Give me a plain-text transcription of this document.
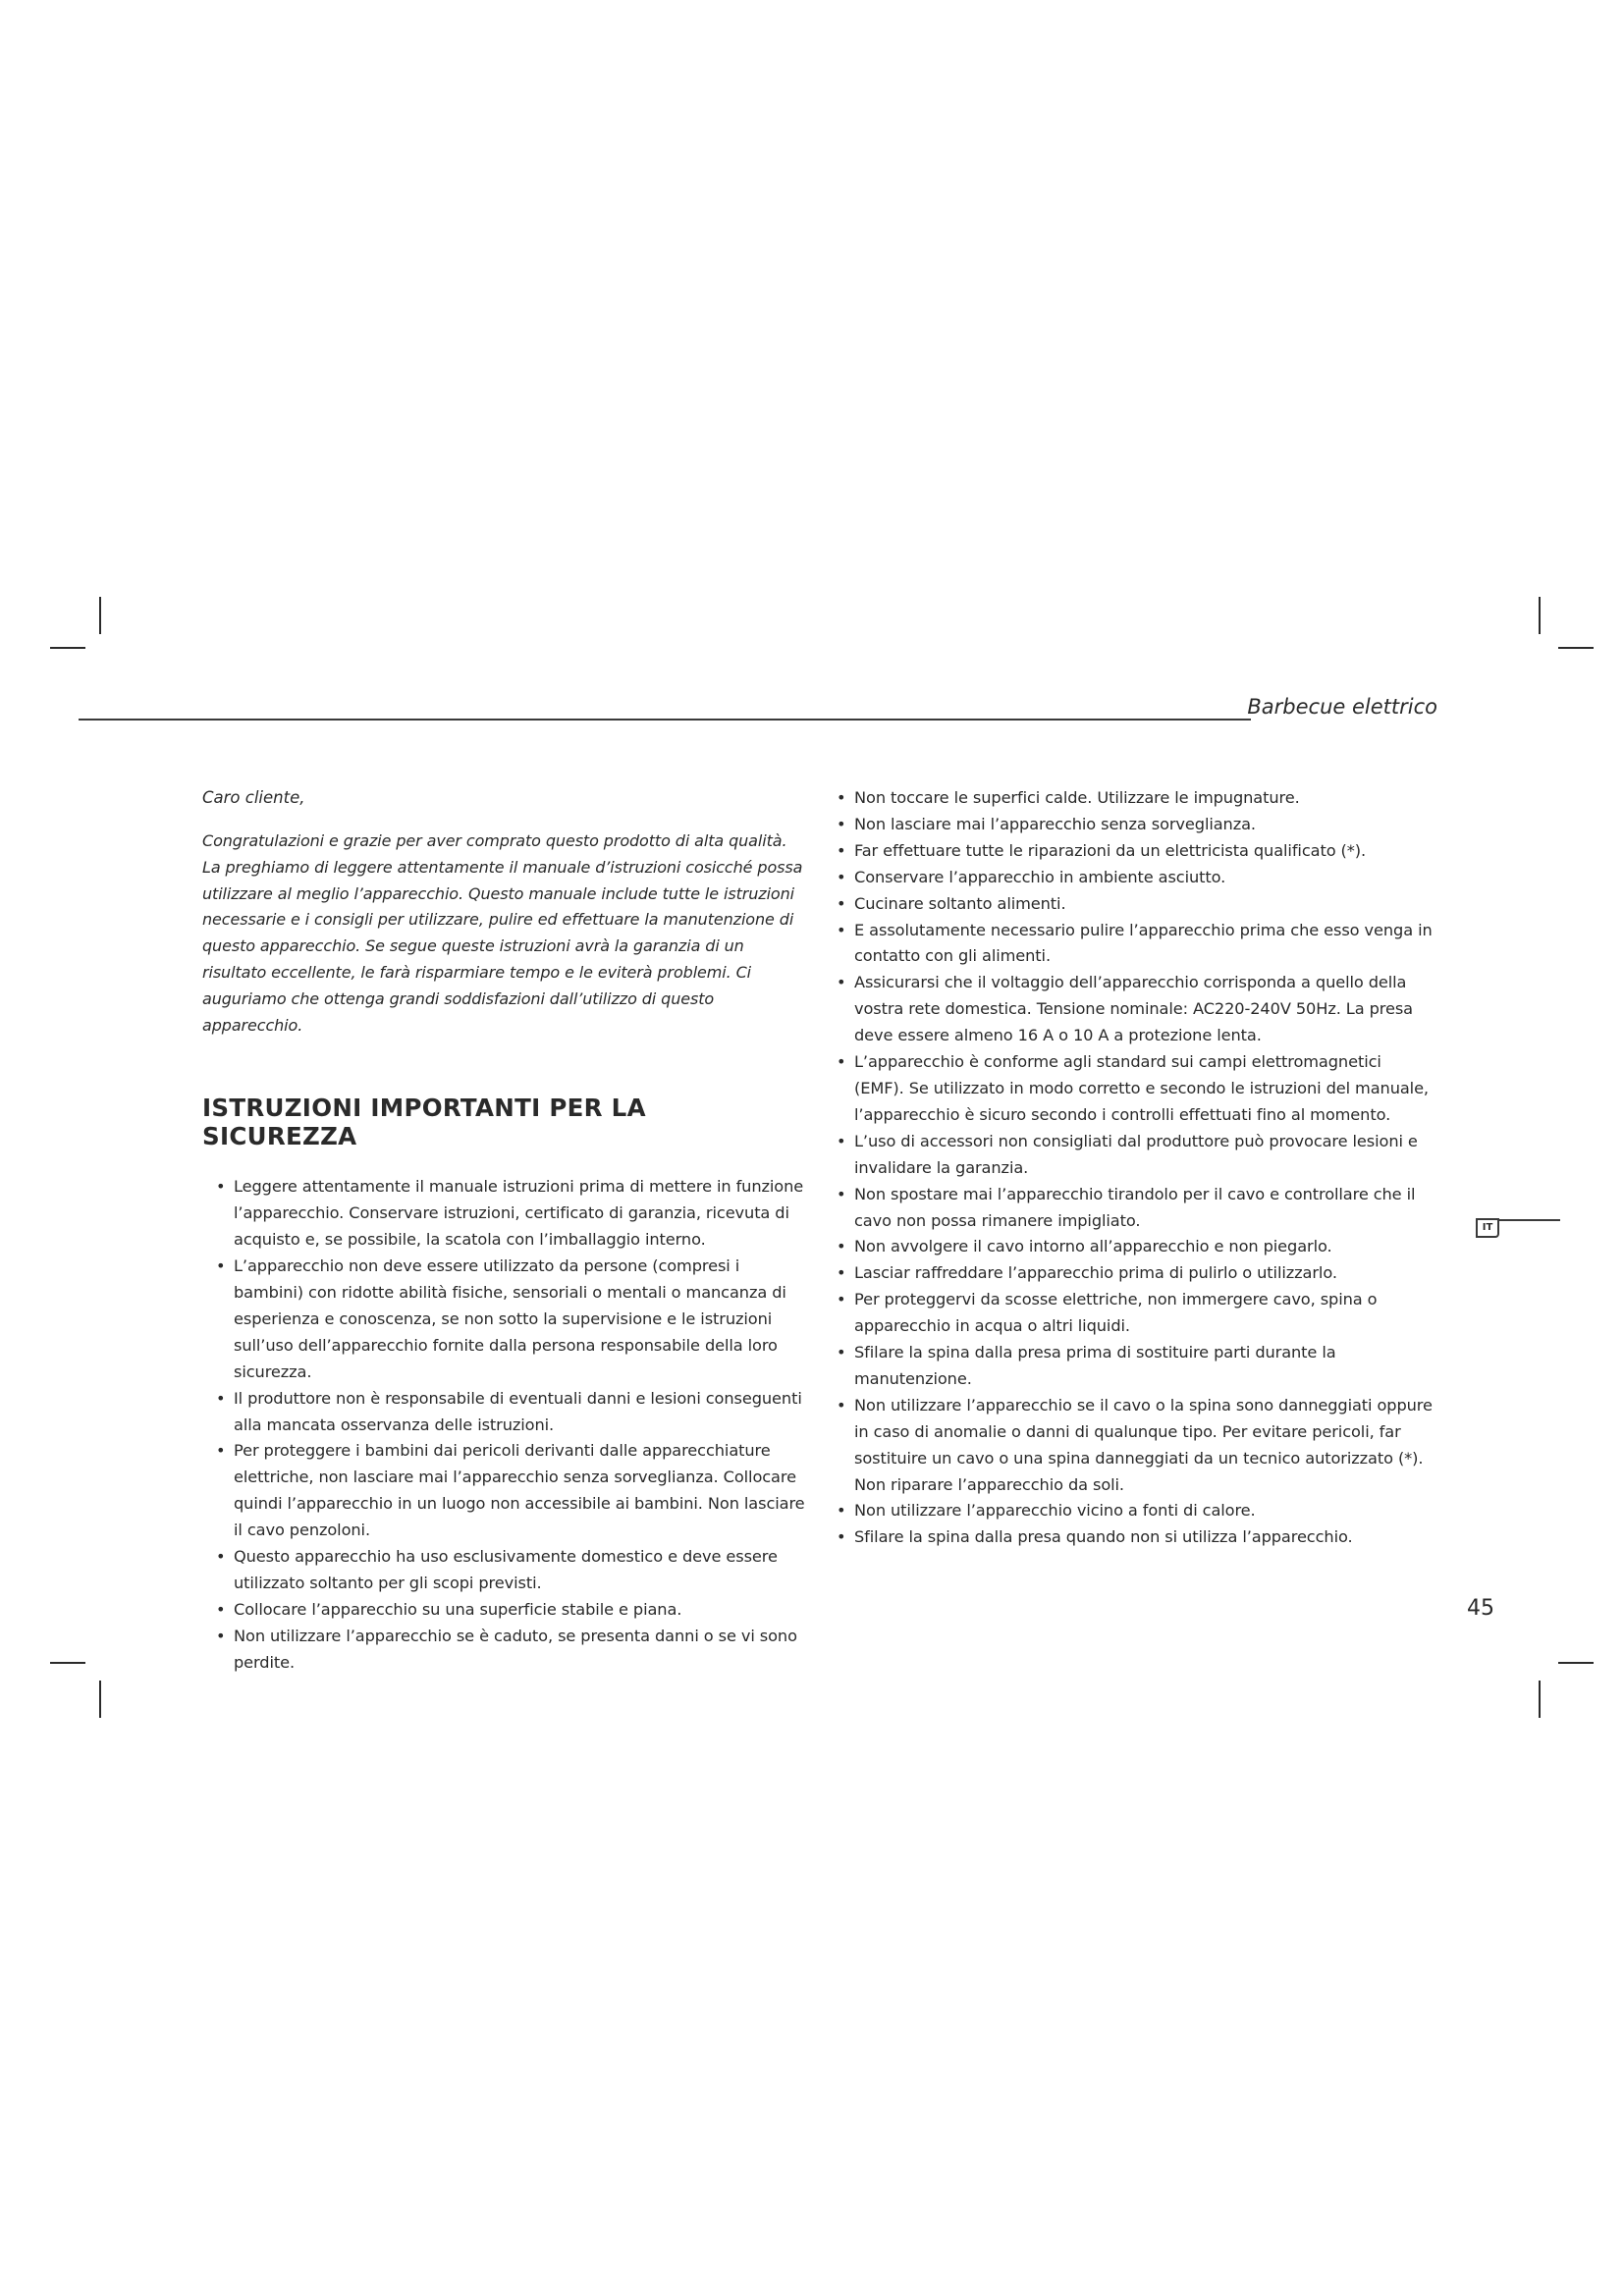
Barbecue elettrico

Caro cliente,

Congratulazioni e grazie per aver comprato questo prodotto di alta qualità. La preghiamo di leggere attentamente il manuale d’istruzioni cosicché possa utilizzare al meglio l’apparecchio. Questo manuale include tutte le istruzioni necessarie e i consigli per utilizzare, pulire ed effettuare la manutenzione di questo apparecchio. Se segue queste istruzioni avrà la garanzia di un risultato eccellente, le farà risparmiare tempo e le eviterà problemi. Ci auguriamo che ottenga grandi soddisfazioni dall’utilizzo di questo apparecchio.

ISTRUZIONI IMPORTANTI PER LA SICUREZZA
• Leggere attentamente il manuale istruzioni prima di mettere in funzione l’apparecchio. Conservare istruzioni, certificato di garanzia, ricevuta di acquisto e, se possibile, la scatola con l’imballaggio interno.
• L’apparecchio non deve essere utilizzato da persone (compresi i bambini) con ridotte abilità fisiche, sensoriali o mentali o mancanza di esperienza e conoscenza, se non sotto la supervisione e le istruzioni sull’uso dell’apparecchio fornite dalla persona responsabile della loro sicurezza.
• Il produttore non è responsabile di eventuali danni e lesioni conseguenti alla mancata osservanza delle istruzioni.
• Per proteggere i bambini dai pericoli derivanti dalle apparecchiature elettriche, non lasciare mai l’apparecchio senza sorveglianza. Collocare quindi l’apparecchio in un luogo non accessibile ai bambini. Non lasciare il cavo penzoloni.
• Questo apparecchio ha uso esclusivamente domestico e deve essere utilizzato soltanto per gli scopi previsti.
• Collocare l’apparecchio su una superficie stabile e piana.
• Non utilizzare l’apparecchio se è caduto, se presenta danni o se vi sono perdite.
• Non toccare le superfici calde. Utilizzare le impugnature.
• Non lasciare mai l’apparecchio senza sorveglianza.
• Far effettuare tutte le riparazioni da un elettricista qualificato (*).
• Conservare l’apparecchio in ambiente asciutto.
• Cucinare soltanto alimenti.
• E assolutamente necessario pulire l’apparecchio prima che esso venga in contatto con gli alimenti.
• Assicurarsi che il voltaggio dell’apparecchio corrisponda a quello della vostra rete domestica. Tensione nominale: AC220-240V 50Hz. La presa deve essere almeno 16 A o 10 A a protezione lenta.
• L’apparecchio è conforme agli standard sui campi elettromagnetici (EMF). Se utilizzato in modo corretto e secondo le istruzioni del manuale, l’apparecchio è sicuro secondo i controlli effettuati fino al momento.
• L’uso di accessori non consigliati dal produttore può provocare lesioni e invalidare la garanzia.
• Non spostare mai l’apparecchio tirandolo per il cavo e controllare che il cavo non possa rimanere impigliato.
• Non avvolgere il cavo intorno all’apparecchio e non piegarlo.
• Lasciar raffreddare l’apparecchio prima di pulirlo o utilizzarlo.
• Per proteggervi da scosse elettriche, non immergere cavo, spina o apparecchio in acqua o altri liquidi.
• Sfilare la spina dalla presa prima di sostituire parti durante la manutenzione.
• Non utilizzare l’apparecchio se il cavo o la spina sono danneggiati oppure in caso di anomalie o danni di qualunque tipo. Per evitare pericoli, far sostituire un cavo o una spina danneggiati da un tecnico autorizzato (*). Non riparare l’apparecchio da soli.
• Non utilizzare l’apparecchio vicino a fonti di calore.
• Sfilare la spina dalla presa quando non si utilizza l’apparecchio.
IT
45
